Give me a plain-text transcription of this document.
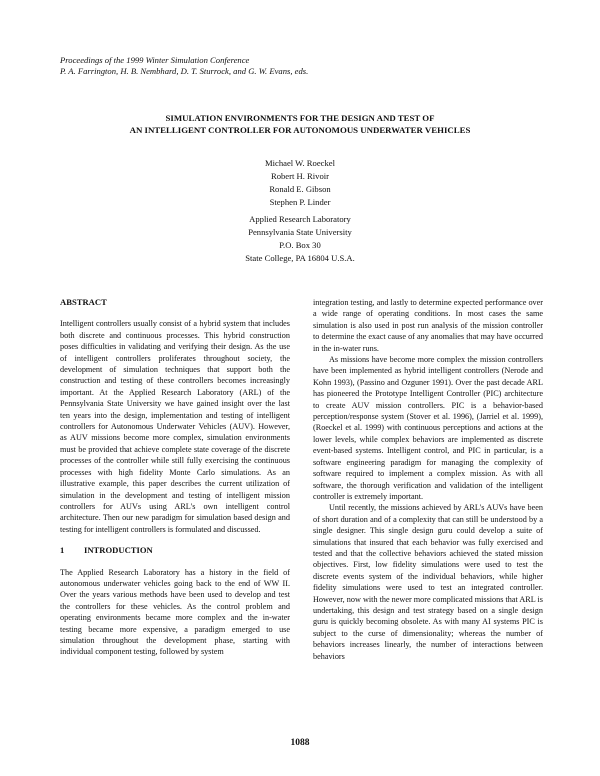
Proceedings of the 1999 Winter Simulation Conference
P. A. Farrington, H. B. Nembhard, D. T. Sturrock, and G. W. Evans, eds.
SIMULATION ENVIRONMENTS FOR THE DESIGN AND TEST OF
AN INTELLIGENT CONTROLLER FOR AUTONOMOUS UNDERWATER VEHICLES
Michael W. Roeckel
Robert H. Rivoir
Ronald E. Gibson
Stephen P. Linder
Applied Research Laboratory
Pennsylvania State University
P.O. Box 30
State College, PA 16804 U.S.A.
ABSTRACT

Intelligent controllers usually consist of a hybrid system that includes both discrete and continuous processes. This hybrid construction poses difficulties in validating and verifying their design. As the use of intelligent controllers proliferates throughout society, the development of simulation techniques that support both the construction and testing of these controllers becomes increasingly important. At the Applied Research Laboratory (ARL) of the Pennsylvania State University we have gained insight over the last ten years into the design, implementation and testing of intelligent controllers for Autonomous Underwater Vehicles (AUV). However, as AUV missions become more complex, simulation environments must be provided that achieve complete state coverage of the discrete processes of the controller while still fully exercising the continuous processes with high fidelity Monte Carlo simulations. As an illustrative example, this paper describes the current utilization of simulation in the development and testing of intelligent mission controllers for AUVs using ARL's own intelligent control architecture. Then our new paradigm for simulation based design and testing for intelligent controllers is formulated and discussed.

1 INTRODUCTION

The Applied Research Laboratory has a history in the field of autonomous underwater vehicles going back to the end of WW II. Over the years various methods have been used to develop and test the controllers for these vehicles. As the control problem and operating environments became more complex and the in-water testing became more expensive, a paradigm emerged to use simulation throughout the development phase, starting with individual component testing, followed by system

integration testing, and lastly to determine expected performance over a wide range of operating conditions. In most cases the same simulation is also used in post run analysis of the mission controller to determine the exact cause of any anomalies that may have occurred in the in-water runs.

As missions have become more complex the mission controllers have been implemented as hybrid intelligent controllers (Nerode and Kohn 1993), (Passino and Ozguner 1991). Over the past decade ARL has pioneered the Prototype Intelligent Controller (PIC) architecture to create AUV mission controllers. PIC is a behavior-based perception/response system (Stover et al. 1996), (Jarriel et al. 1999), (Roeckel et al. 1999) with continuous perceptions and actions at the lower levels, while complex behaviors are implemented as discrete event-based systems. Intelligent control, and PIC in particular, is a software engineering paradigm for managing the complexity of software required to implement a complex mission. As with all software, the thorough verification and validation of the intelligent controller is extremely important.

Until recently, the missions achieved by ARL's AUVs have been of short duration and of a complexity that can still be understood by a single designer. This single design guru could develop a suite of simulations that insured that each behavior was fully exercised and tested and that the collective behaviors achieved the stated mission objectives. First, low fidelity simulations were used to test the discrete events system of the individual behaviors, while higher fidelity simulations were used to test an integrated controller. However, now with the newer more complicated missions that ARL is undertaking, this design and test strategy based on a single design guru is quickly becoming obsolete. As with many AI systems PIC is subject to the curse of dimensionality; whereas the number of behaviors increases linearly, the number of interactions between behaviors

1088
